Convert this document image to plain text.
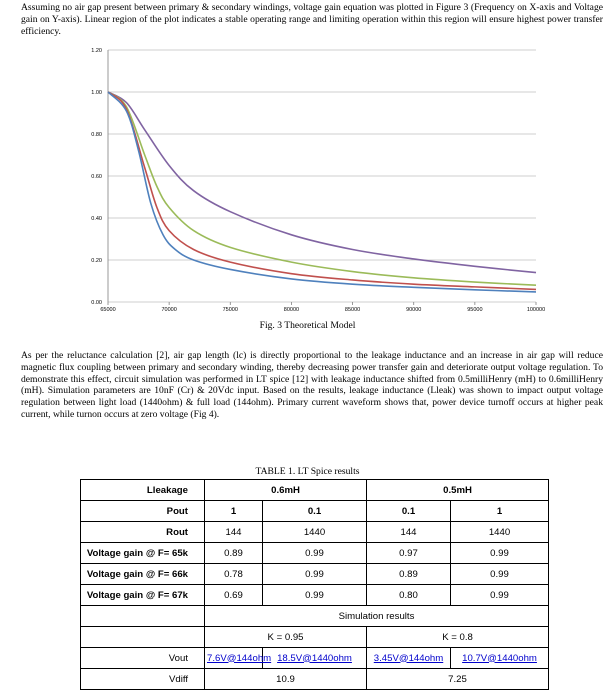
Assuming no air gap present between primary & secondary windings, voltage gain equation was plotted in Figure 3 (Frequency on X-axis and Voltage gain on Y-axis). Linear region of the plot indicates a stable operating range and limiting operation within this region will ensure highest power transfer efficiency.

0.00
0.20
0.40
0.60
0.80
1.00
1.20
65000	70000	75000	80000	85000	90000	95000	100000
Fig. 3 Theoretical Model

As per the reluctance calculation [2], air gap length (lc) is directly proportional to the leakage inductance and an increase in air gap will reduce magnetic flux coupling between primary and secondary winding, thereby decreasing power transfer gain and deteriorate output voltage regulation. To demonstrate this effect, circuit simulation was performed in LT spice [12] with leakage inductance shifted from 0.5milliHenry (mH) to 0.6milliHenry (mH). Simulation parameters are 10nF (Cr) & 20Vdc input. Based on the results, leakage inductance (Lleak) was shown to impact output voltage regulation between light load (1440ohm) & full load (144ohm). Primary current waveform shows that, power device turnoff occurs at higher peak current, while turnon occurs at zero voltage (Fig 4).

TABLE 1. LT Spice results
Lleakage	0.6mH		0.5mH	
Pout	1	0.1	0.1	1
Rout	144	1440	144	1440
Voltage gain @ F= 65k	0.89	0.99	0.97	0.99
Voltage gain @ F= 66k	0.78	0.99	0.89	0.99
Voltage gain @ F= 67k	0.69	0.99	0.80	0.99
	Simulation results			
	K = 0.95		K = 0.8	
Vout	7.6V@144ohm	18.5V@1440ohm	3.45V@144ohm	10.7V@1440ohm
Vdiff	10.9		7.25	
